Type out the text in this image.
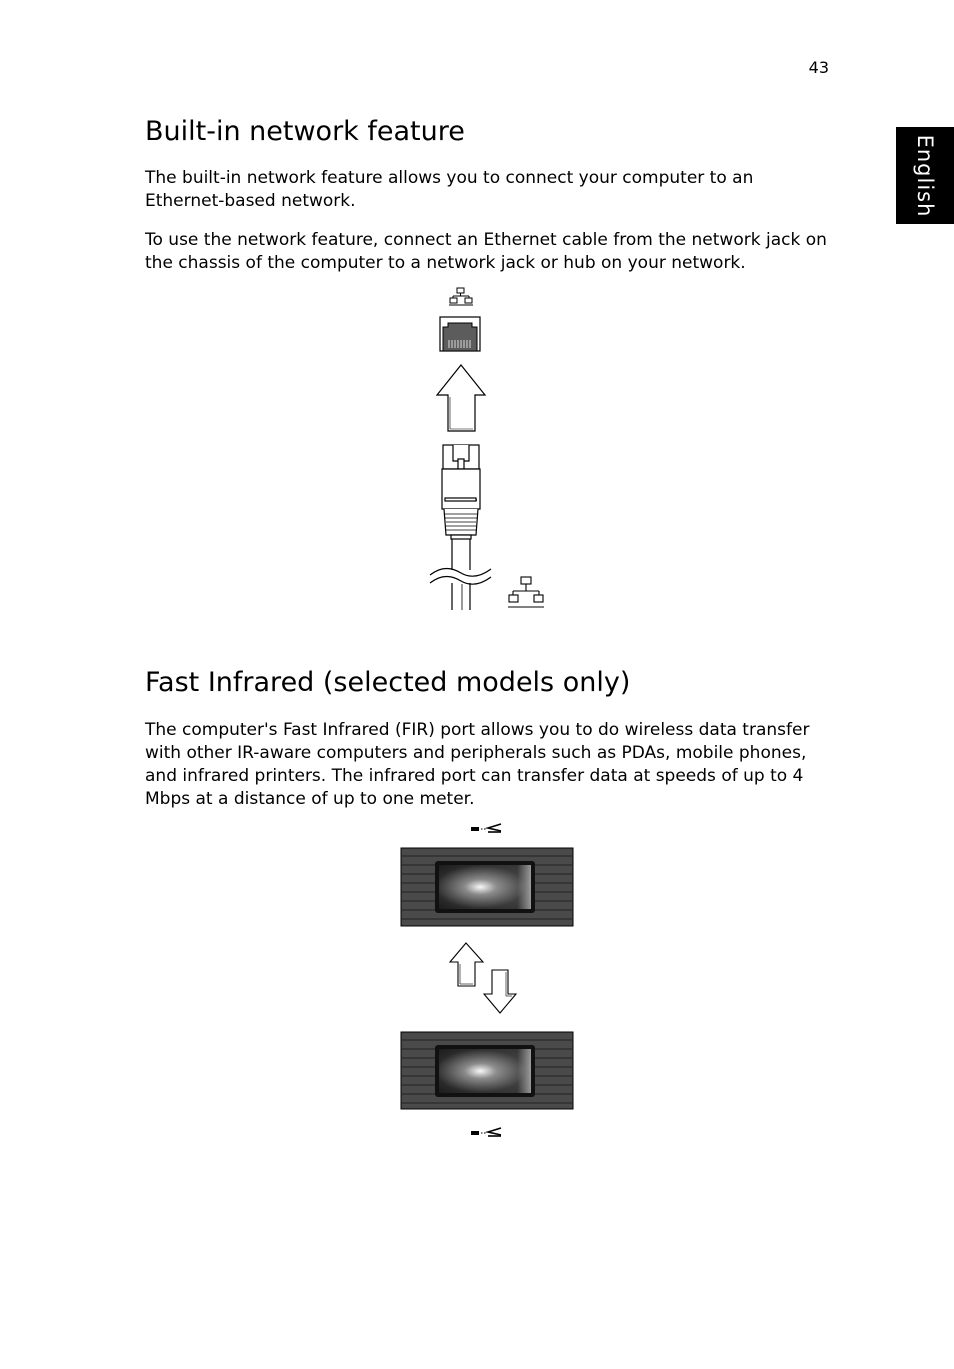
43
English
Built-in network feature

The built-in network feature allows you to connect your computer to an Ethernet-based network.

To use the network feature, connect an Ethernet cable from the network jack on the chassis of the computer to a network jack or hub on your network.

Fast Infrared (selected models only)

The computer's Fast Infrared (FIR) port allows you to do wireless data transfer with other IR-aware computers and peripherals such as PDAs, mobile phones, and infrared printers. The infrared port can transfer data at speeds of up to 4 Mbps at a distance of up to one meter.
